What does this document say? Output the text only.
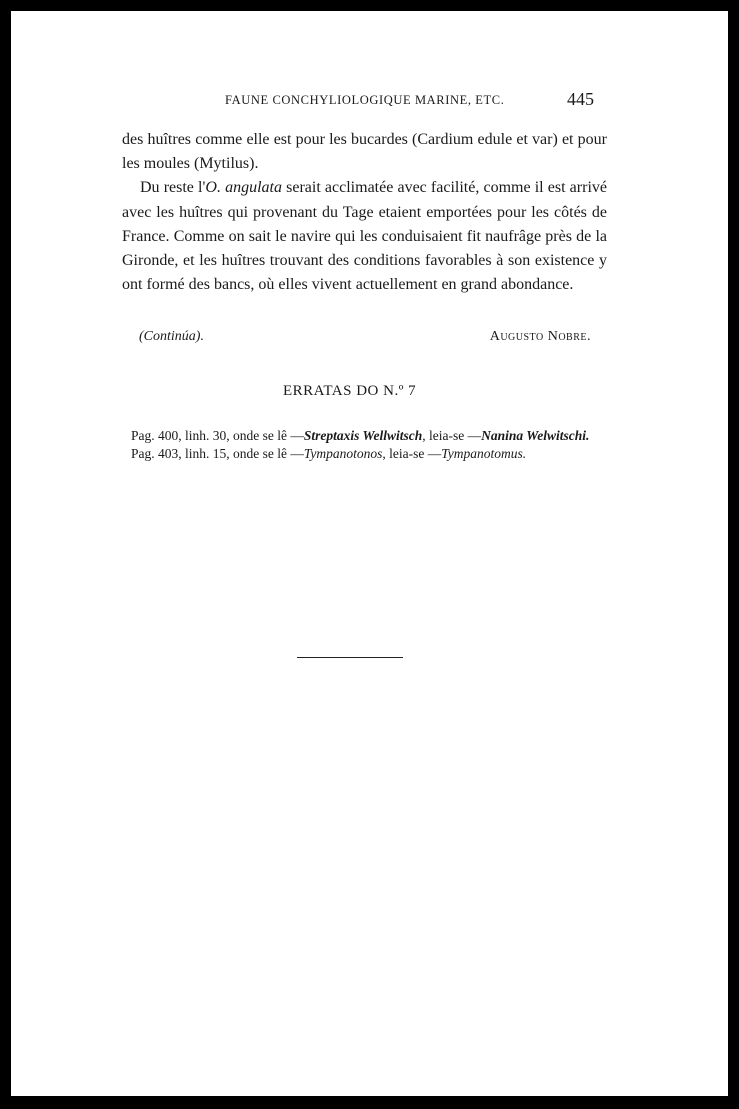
FAUNE CONCHYLIOLOGIQUE MARINE, ETC.	445

des huîtres comme elle est pour les bucardes (Cardium edule et var) et pour les moules (Mytilus).

Du reste l'O. angulata serait acclimatée avec facilité, comme il est arrivé avec les huîtres qui provenant du Tage etaient emportées pour les côtés de France. Comme on sait le navire qui les conduisaient fit naufrâge près de la Gironde, et les huîtres trouvant des conditions favorables à son existence y ont formé des bancs, où elles vivent actuellement en grand abondance.

(Continúa).	Augusto Nobre.
ERRATAS DO N.º 7

Pag. 400, linh. 30, onde se lê —Streptaxis Wellwitsch, leia-se —Nanina Welwitschi.

Pag. 403, linh. 15, onde se lê —Tympanotonos, leia-se —Tympanotomus.
